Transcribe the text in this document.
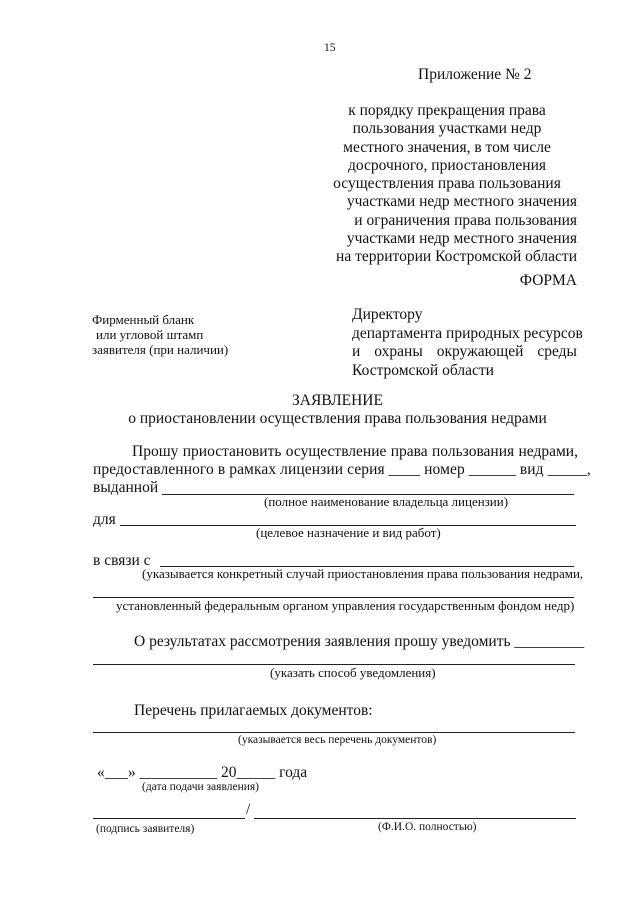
15
Приложение № 2
к порядку прекращения права
пользования участками недр
местного значения, в том числе
досрочного, приостановления
осуществления права пользования
участками недр местного значения
и ограничения права пользования
участками недр местного значения
на территории Костромской области
ФОРМА
Фирменный бланк
или угловой штамп
заявителя (при наличии)
Директору
департамента природных ресурсов
и охраны окружающей среды
Костромской области
ЗАЯВЛЕНИЕ
о приостановлении осуществления права пользования недрами
Прошу приостановить осуществление права пользования недрами,
предоставленного в рамках лицензии серия ____ номер ______ вид _____,
выданной
(полное наименование владельца лицензии)
для
(целевое назначение и вид работ)
в связи с
(указывается конкретный случай приостановления права пользования недрами,
установленный федеральным органом управления государственным фондом недр)
О результатах рассмотрения заявления прошу уведомить _________
(указать способ уведомления)
Перечень прилагаемых документов:
(указывается весь перечень документов)
«___» __________ 20_____ года
(дата подачи заявления)
/
(подпись заявителя)	(Ф.И.О. полностью)
